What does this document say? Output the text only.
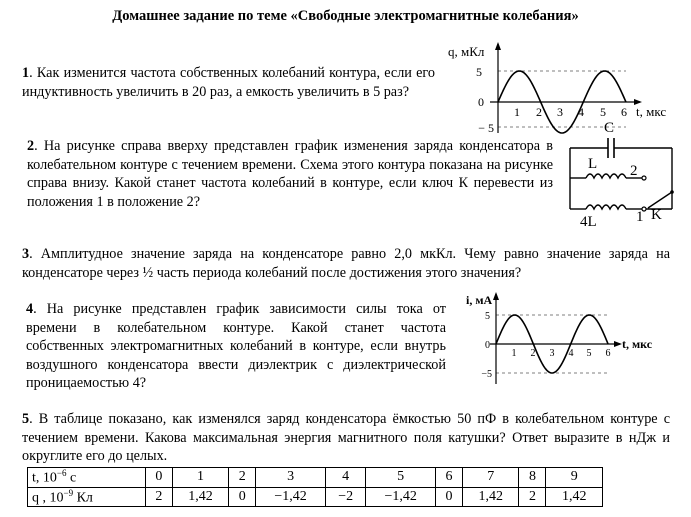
Домашнее задание по теме «Свободные электромагнитные колебания»
1. Как изменится частота собственных колебаний контура, если его индуктивность увеличить в 20 раз, а емкость увеличить в 5 раз?
q, мКл
5
0
− 5
1 2 3 4 5 6 t, мкс
2. На рисунке справа вверху представлен график изменения заряда конденсатора в колебательном контуре с течением времени. Схема этого контура показана на рисунке справа внизу. Какой станет частота колебаний в контуре, если ключ К перевести из положения 1 в положение 2?
C
L
4L
2
1 K
3. Амплитудное значение заряда на конденсаторе равно 2,0 мкКл. Чему равно значение заряда на конденсаторе через ½ часть периода колебаний после достижения этого значения?
4. На рисунке представлен график зависимости силы тока от времени в колебательном контуре. Какой станет частота собственных электромагнитных колебаний в контуре, если внутрь воздушного конденсатора ввести диэлектрик с диэлектрической проницаемостью 4?
i, мА
5
0
−5
1 2 3 4 5 6
t, мкс
5. В таблице показано, как изменялся заряд конденсатора ёмкостью 50 пФ в колебательном контуре с течением времени. Какова максимальная энергия магнитного поля катушки? Ответ выразите в нДж и округлите его до целых.
t, $10^{-6}$ с	0	1	2	3	4	5	6	7	8	9
q , $10^{-9}$ Кл	2	1,42	0	−1,42	−2	−1,42	0	1,42	2	1,42
